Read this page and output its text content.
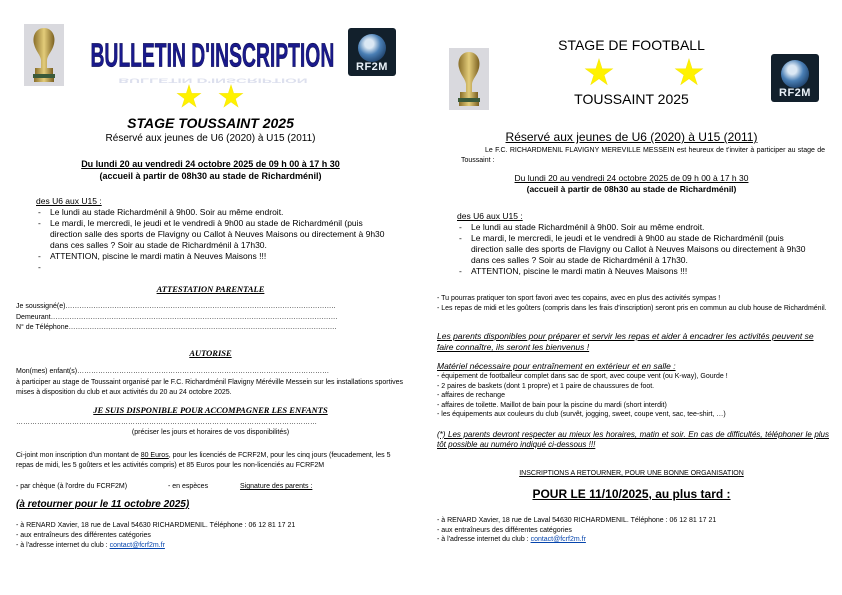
BULLETIN D'INSCRIPTION
BULLETIN D'INSCRIPTION	RF2M
STAGE TOUSSAINT 2025
Réservé aux jeunes de U6 (2020) à U15 (2011)
Du lundi 20 au vendredi 24 octobre 2025 de 09 h 00 à 17 h 30
(accueil à partir de 08h30 au stade de Richardménil)
des U6 aux U15 :
- Le lundi au stade Richardménil à 9h00. Soir au même endroit.
- Le mardi, le mercredi, le jeudi et le vendredi à 9h00 au stade de Richardménil (puis direction salle des sports de Flavigny ou Callot à Neuves Maisons ou directement à 9h30 dans ces salles ? Soir au stade de Richardménil à 17h30.
- ATTENTION, piscine le mardi matin à Neuves Maisons !!!
ATTESTATION PARENTALE
Je soussigné(e)……………………………………………………………………………………………………..
Demeurant……………………………………………………………………………………………………………
N° de Téléphone…………………………………………………………………………………………………….
AUTORISE
Mon(mes) enfant(s)………………………………………………………………………………………………
à participer au stage de Toussaint organisé par le F.C. Richardménil Flavigny Méréville Messein sur les installations sportives mises à disposition du club et aux activités du 20 au 24 octobre 2025.
JE SUIS DISPONIBLE POUR ACCOMPAGNER LES ENFANTS
…………………………………………………………………………………………………………………
(préciser les jours et horaires de vos disponibilités)
Ci-joint mon inscription d'un montant de 80 Euros, pour les licenciés de FCRF2M, pour les cinq jours (feucadement, les 5 repas de midi, les 5 goûters et les activités compris) et 85 Euros pour les non-licenciés au FCRF2M
- par chèque (à l'ordre du FCRF2M)	- en espèces	Signature des parents :
(à retourner pour le 11 octobre 2025)
- à RENARD Xavier, 18 rue de Laval 54630 RICHARDMENIL. Téléphone : 06 12 81 17 21
- aux entraîneurs des différentes catégories
- à l'adresse internet du club : contact@fcrf2m.fr
STAGE DE FOOTBALL
RF2M
TOUSSAINT 2025
Réservé aux jeunes de U6 (2020) à U15 (2011)
Le F.C. RICHARDMENIL FLAVIGNY MEREVILLE MESSEIN est heureux de t'inviter à participer au stage de Toussaint :
Du lundi 20 au vendredi 24 octobre 2025 de 09 h 00 à 17 h 30
(accueil à partir de 08h30 au stade de Richardménil)
des U6 aux U15 :
- Le lundi au stade Richardménil à 9h00. Soir au même endroit.
- Le mardi, le mercredi, le jeudi et le vendredi à 9h00 au stade de Richardménil (puis direction salle des sports de Flavigny ou Callot à Neuves Maisons ou directement à 9h30 dans ces salles ? Soir au stade de Richardménil à 17h30.
- ATTENTION, piscine le mardi matin à Neuves Maisons !!!
- Tu pourras pratiquer ton sport favori avec tes copains, avec en plus des activités sympas !
- Les repas de midi et les goûters (compris dans les frais d'inscription) seront pris en commun au club house de Richardménil.
Les parents disponibles pour préparer et servir les repas et aider à encadrer les activités peuvent se faire connaître, ils seront les bienvenus !
Matériel nécessaire pour entraînement en extérieur et en salle :
- équipement de footballeur complet dans sac de sport, avec coupe vent (ou K-way), Gourde !
- 2 paires de baskets (dont 1 propre) et 1 paire de chaussures de foot.
- affaires de rechange
- affaires de toilette. Maillot de bain pour la piscine du mardi (short interdit)
- les équipements aux couleurs du club (survêt, jogging, sweet, coupe vent, sac, tee-shirt, …)
(*) Les parents devront respecter au mieux les horaires, matin et soir. En cas de difficultés, téléphoner le plus tôt possible au numéro indiqué ci-dessous !!!
INSCRIPTIONS A RETOURNER, POUR UNE BONNE ORGANISATION
POUR LE 11/10/2025, au plus tard :
- à RENARD Xavier, 18 rue de Laval 54630 RICHARDMENIL. Téléphone : 06 12 81 17 21
- aux entraîneurs des différentes catégories
- à l'adresse internet du club : contact@fcrf2m.fr
